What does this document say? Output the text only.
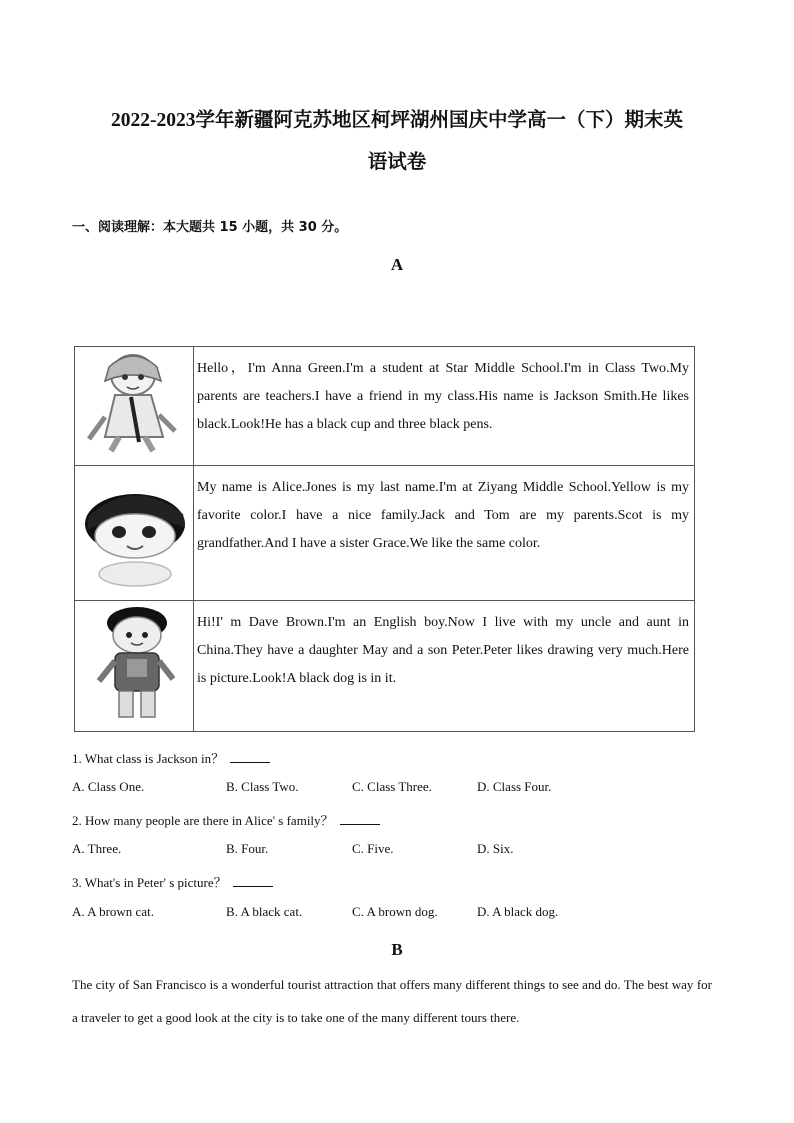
2022-2023学年新疆阿克苏地区柯坪湖州国庆中学高一（下）期末英
语试卷
一、阅读理解：本大题共 15 小题，共 30 分。
A
	Hello，I'm Anna Green.I'm a student at Star Middle School.I'm in Class Two.My parents are teachers.I have a friend in my class.His name is Jackson Smith.He likes black.Look!He has a black cup and three black pens.

	My name is Alice.Jones is my last name.I'm at Ziyang Middle School.Yellow is my favorite color.I have a nice family.Jack and Tom are my parents.Scot is my grandfather.And I have a sister Grace.We like the same color.

	Hi!I' m Dave Brown.I'm an English boy.Now I live with my uncle and aunt in China.They have a daughter May and a son Peter.Peter likes drawing very much.Here is picture.Look!A black dog is in it.
1. What class is Jackson in？
A. Class One.	B. Class Two.	C. Class Three.	D. Class Four.
2. How many people are there in Alice' s family？
A. Three.	B. Four.	C. Five.	D. Six.
3. What's in Peter' s picture？
A. A brown cat.	B. A black cat.	C. A brown dog.	D. A black dog.
B

The city of San Francisco is a wonderful tourist attraction that offers many different things to see and do. The best way for a traveler to get a good look at the city is to take one of the many different tours there.
